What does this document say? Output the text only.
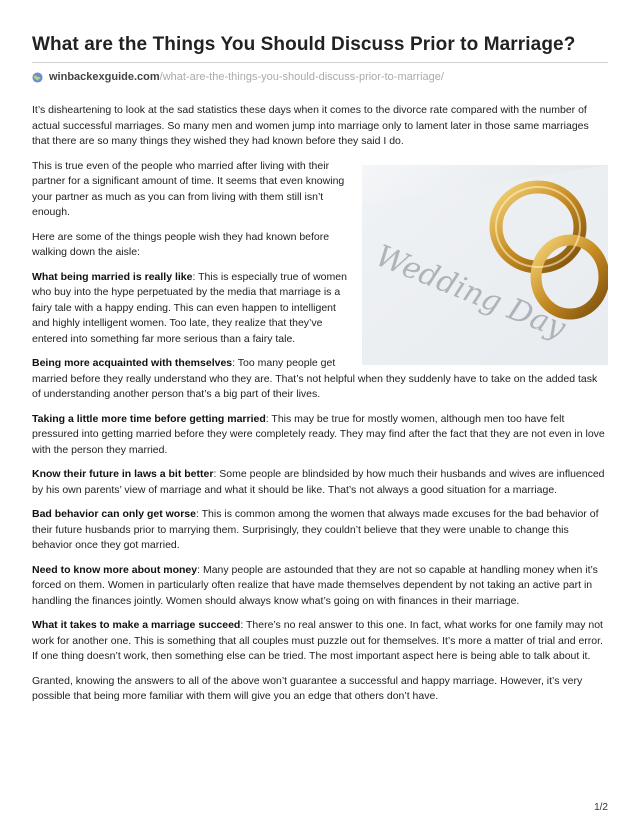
What are the Things You Should Discuss Prior to Marriage?
winbackexguide.com /what-are-the-things-you-should-discuss-prior-to-marriage/

It’s disheartening to look at the sad statistics these days when it comes to the divorce rate compared with the number of actual successful marriages. So many men and women jump into marriage only to lament later in those same marriages that there are so many things they wished they had known before they said I do.

Wedding Day

This is true even of the people who married after living with their partner for a significant amount of time. It seems that even knowing your partner as much as you can from living with them still isn’t enough.

Here are some of the things people wish they had known before walking down the aisle:

What being married is really like: This is especially true of women who buy into the hype perpetuated by the media that marriage is a fairy tale with a happy ending. This can even happen to intelligent and highly intelligent women. Too late, they realize that they’ve entered into something far more serious than a fairy tale.

Being more acquainted with themselves: Too many people get married before they really understand who they are. That’s not helpful when they suddenly have to take on the added task of understanding another person that’s a big part of their lives.

Taking a little more time before getting married: This may be true for mostly women, although men too have felt pressured into getting married before they were completely ready. They may find after the fact that they are not even in love with the person they married.

Know their future in laws a bit better: Some people are blindsided by how much their husbands and wives are influenced by his own parents’ view of marriage and what it should be like. That’s not always a good situation for a marriage.

Bad behavior can only get worse: This is common among the women that always made excuses for the bad behavior of their future husbands prior to marrying them. Surprisingly, they couldn’t believe that they were unable to change this behavior once they got married.

Need to know more about money: Many people are astounded that they are not so capable at handling money when it’s forced on them. Women in particularly often realize that have made themselves dependent by not taking an active part in handling the finances jointly. Women should always know what’s going on with finances in their marriage.

What it takes to make a marriage succeed: There’s no real answer to this one. In fact, what works for one family may not work for another one. This is something that all couples must puzzle out for themselves. It’s more a matter of trial and error. If one thing doesn’t work, then something else can be tried. The most important aspect here is being able to talk about it.

Granted, knowing the answers to all of the above won’t guarantee a successful and happy marriage. However, it’s very possible that being more familiar with them will give you an edge that others don’t have.

1/2
